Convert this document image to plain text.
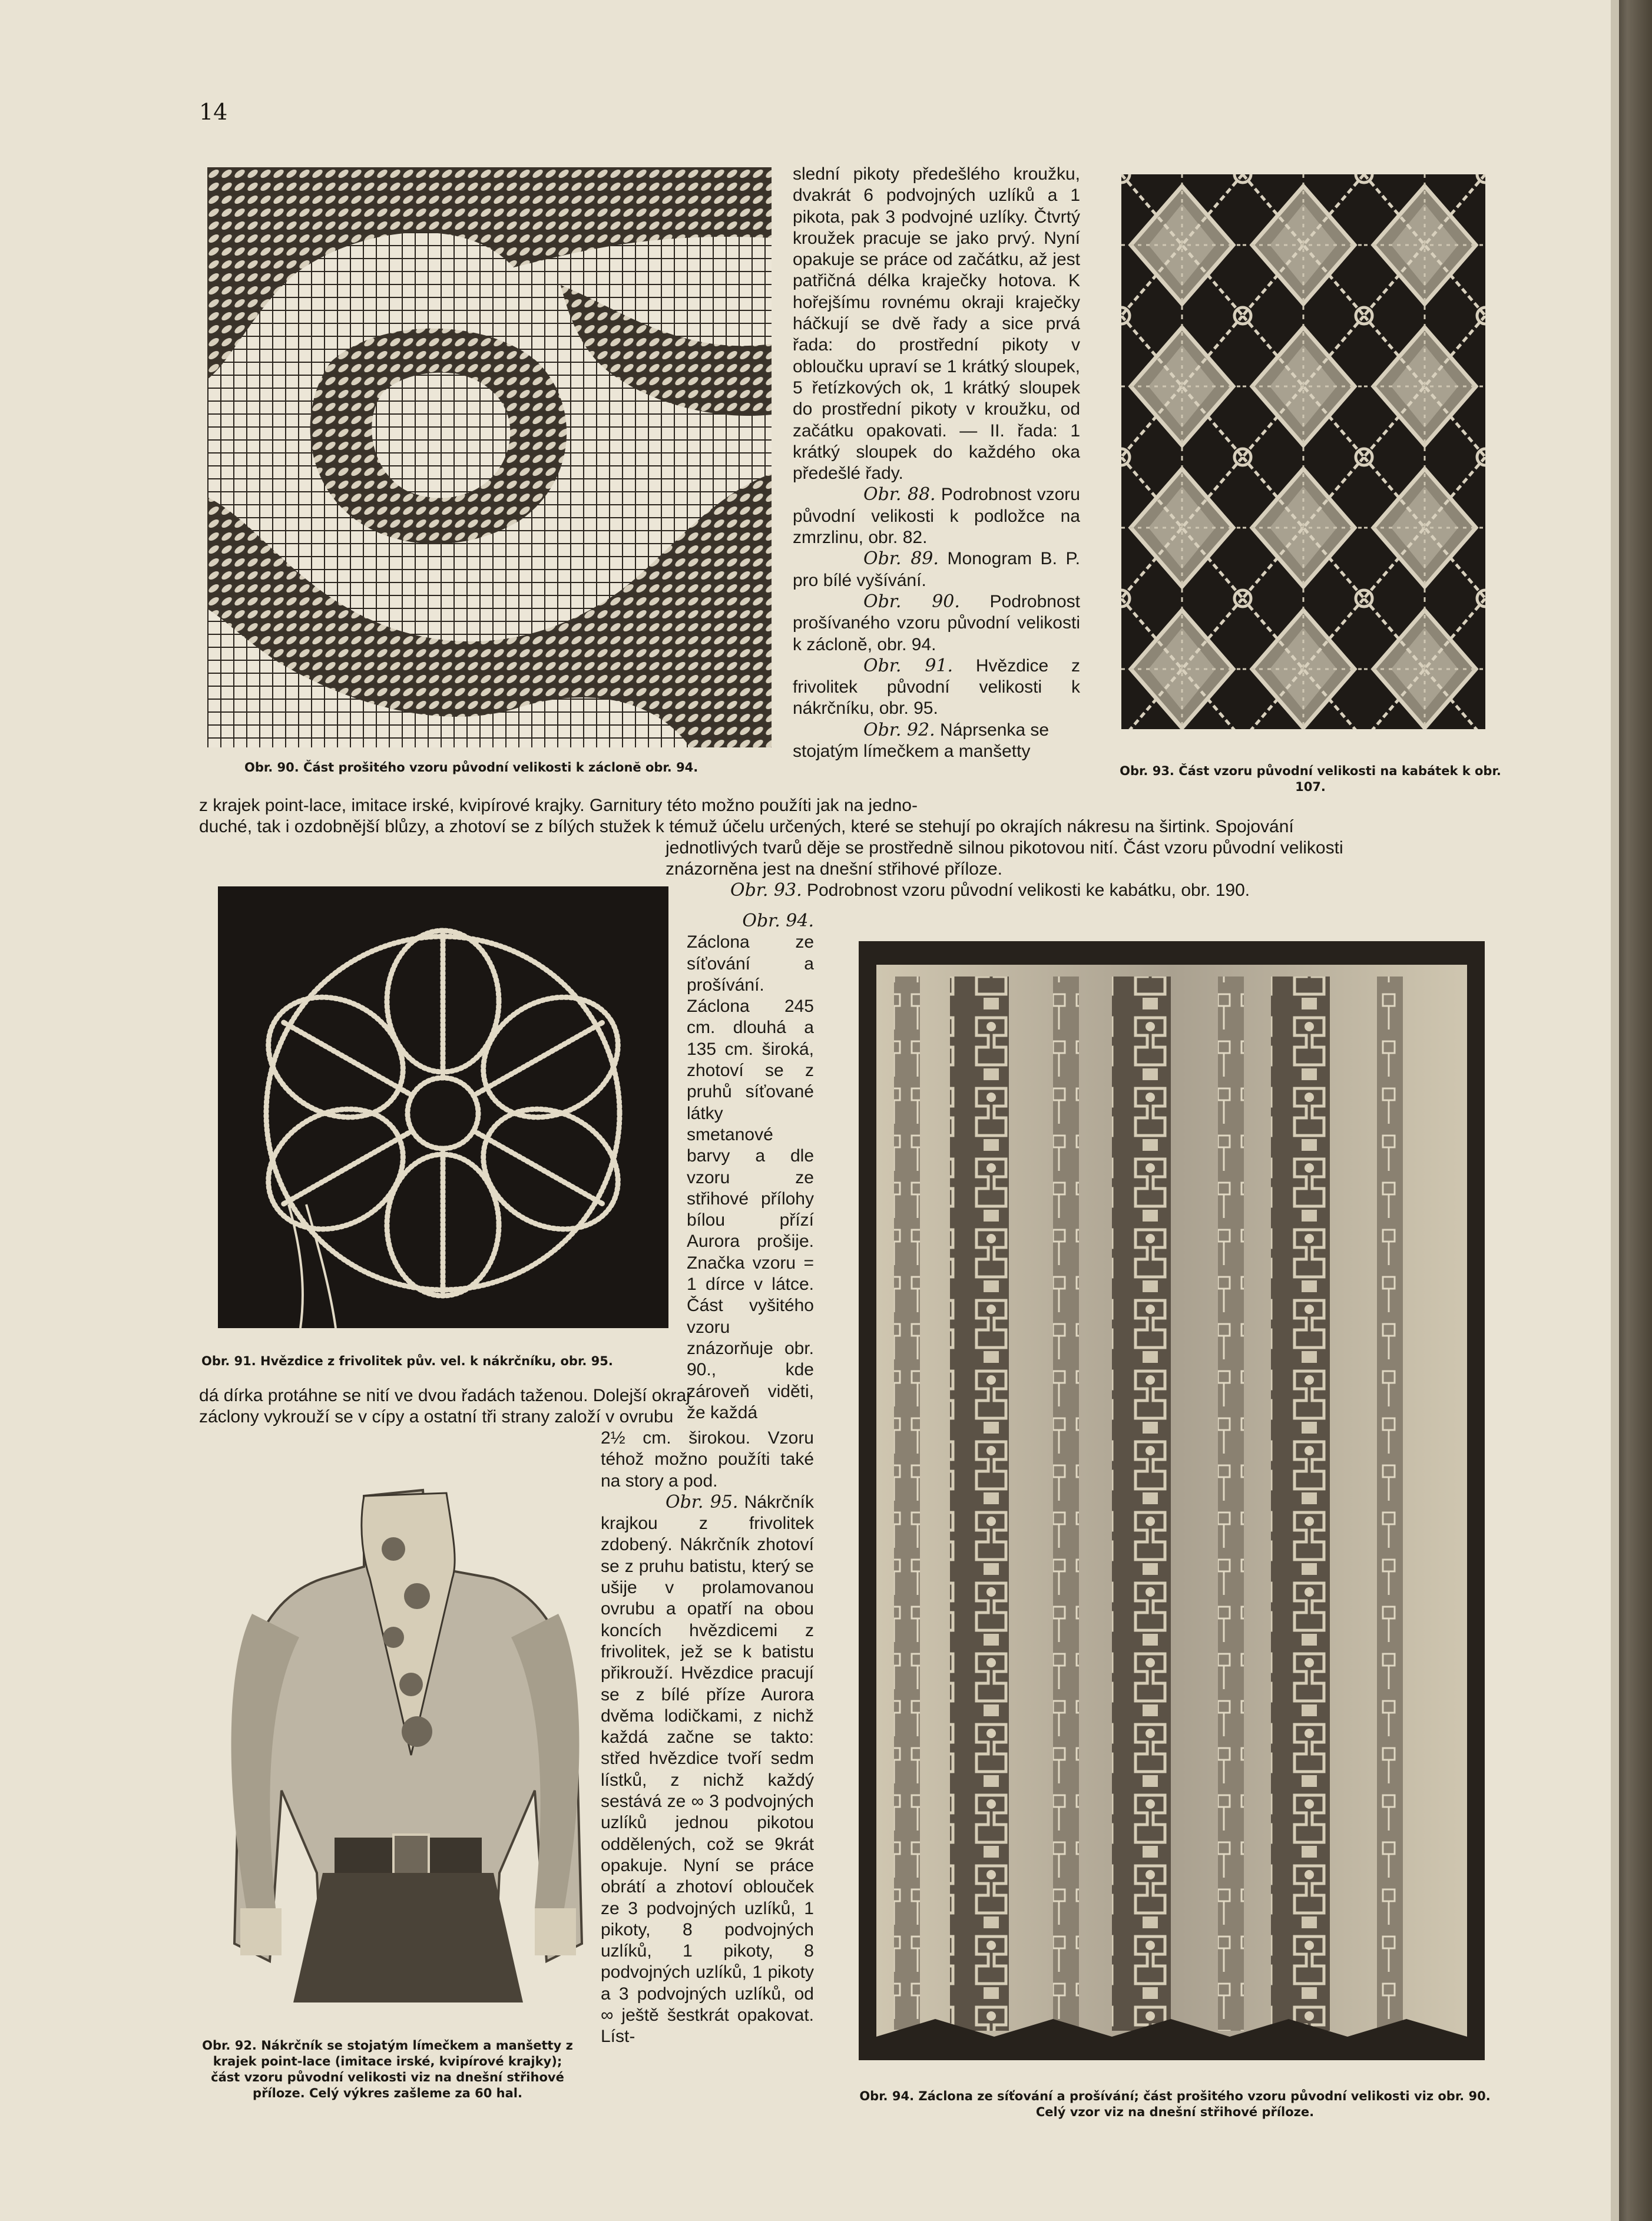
14
Obr. 90. Část prošitého vzoru původní velikosti k záclonĕ obr. 94.

slední pikoty předešlého kroužku, dvakrát 6 podvojných uzlíků a 1 pikota, pak 3 podvojné uzlíky. Čtvrtý kroužek pracuje se jako prvý. Nyní opakuje se práce od začátku, až jest patřičná délka kraječky hotova. K hořejšímu rovnému okraji kraječky háčkují se dvě řady a sice prvá řada: do prostřední pikoty v obloučku upraví se 1 krátký sloupek, 5 řetízkových ok, 1 krátký sloupek do prostřední pikoty v kroužku, od začátku opakovati. — II. řada: 1 krátký sloupek do každého oka předešlé řady.

Obr. 88. Podrobnost vzoru původní velikosti k podložce na zmrzlinu, obr. 82.

Obr. 89. Monogram B. P. pro bílé vyšívání.

Obr. 90. Podrobnost prošívaného vzoru původní velikosti k záclonĕ, obr. 94.

Obr. 91. Hvězdice z frivolitek původní velikosti k nákrčníku, obr. 95.

Obr. 92. Náprsenka se

stojatým límečkem a manšetty

Obr. 93. Část vzoru původní velikosti na kabátek k obr. 107.
z krajek point-lace, imitace irské, kvipírové krajky. Garnitury této možno použíti jak na jedno-
duché, tak i ozdobnější blůzy, a zhotoví se z bílých stužek k témuž účelu určených, které se stehují po okrajích nákresu na širtink. Spojování
jednotlivých tvarů děje se prostředně silnou pikotovou nití. Část vzoru původní velikosti
znázorněna jest na dnešní střihové příloze.
Obr. 93. Podrobnost vzoru původní velikosti ke kabátku, obr. 190.
Obr. 91. Hvězdice z frivolitek pův. vel. k nákrčníku, obr. 95.

Obr. 94.

Záclona ze síťování a prošívání. Záclona 245 cm. dlouhá a 135 cm. široká, zhotoví se z pruhů síťované látky smetanové barvy a dle vzoru ze střihové přílohy bílou přízí Aurora prošije. Značka vzoru = 1 dírce v látce. Část vyšitého vzoru znázorňuje obr. 90., kde zároveň viděti, že každá

Obr. 94. Záclona ze síťování a prošívání; část prošitého vzoru původní velikosti viz obr. 90. Celý vzor viz na dnešní střihové příloze.
dá dírka protáhne se nití ve dvou řadách taženou. Dolejší okraj
záclony vykrouží se v cípy a ostatní tři strany založí v ovrubu
Obr. 92. Nákrčník se stojatým límečkem a manšetty z krajek point-lace (imitace irské, kvipírové krajky); část vzoru původní velikosti viz na dnešní střihové příloze. Celý výkres zašleme za 60 hal.

2½ cm. širokou. Vzoru téhož možno použíti také na story a pod.

Obr. 95. Nákrčník krajkou z frivolitek zdobený. Nákrčník zhotoví se z pruhu batistu, který se ušije v prolamovanou ovrubu a opatří na obou koncích hvězdicemi z frivolitek, jež se k batistu přikrouží. Hvězdice pracují se z bílé příze Aurora dvěma lodičkami, z nichž každá začne se takto: střed hvězdice tvoří sedm lístků, z nichž každý sestává ze ∞ 3 podvojných uzlíků jednou pikotou oddělených, což se 9krát opakuje. Nyní se práce obrátí a zhotoví oblouček ze 3 podvojných uzlíků, 1 pikoty, 8 podvojných uzlíků, 1 pikoty, 8 podvojných uzlíků, 1 pikoty a 3 podvojných uzlíků, od ∞ ještě šestkrát opakovat. Líst-
